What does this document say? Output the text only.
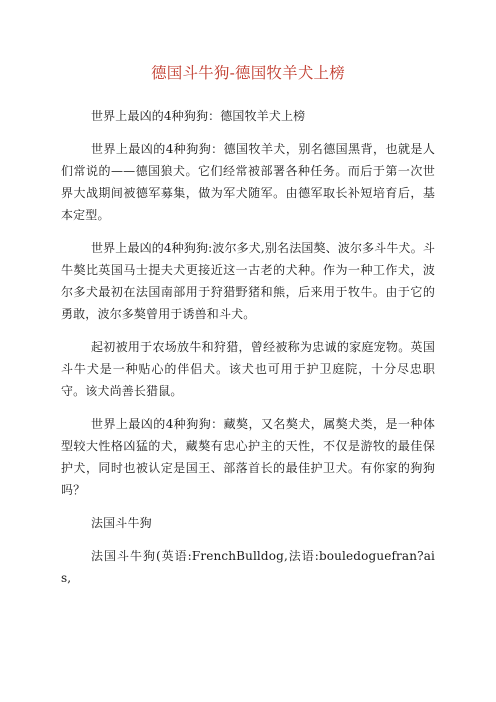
德国斗牛狗-德国牧羊犬上榜

世界上最凶的4种狗狗：德国牧羊犬上榜

世界上最凶的4种狗狗：德国牧羊犬，别名德国黑背，也就是人们常说的——德国狼犬。它们经常被部署各种任务。而后于第一次世界大战期间被德军募集，做为军犬随军。由德军取长补短培育后，基本定型。

世界上最凶的4种狗狗:波尔多犬,别名法国獒、波尔多斗牛犬。斗牛獒比英国马士提夫犬更接近这一古老的犬种。作为一种工作犬，波尔多犬最初在法国南部用于狩猎野猪和熊，后来用于牧牛。由于它的勇敢，波尔多獒曾用于诱兽和斗犬。

起初被用于农场放牛和狩猎，曾经被称为忠诚的家庭宠物。英国斗牛犬是一种贴心的伴侣犬。该犬也可用于护卫庭院，十分尽忠职守。该犬尚善长猎鼠。

世界上最凶的4种狗狗：藏獒，又名獒犬，属獒犬类，是一种体型较大性格凶猛的犬，藏獒有忠心护主的天性，不仅是游牧的最佳保护犬，同时也被认定是国王、部落首长的最佳护卫犬。有你家的狗狗吗？

法国斗牛狗

法国斗牛狗(英语:FrenchBulldog,法语:bouledoguefran?ais,
